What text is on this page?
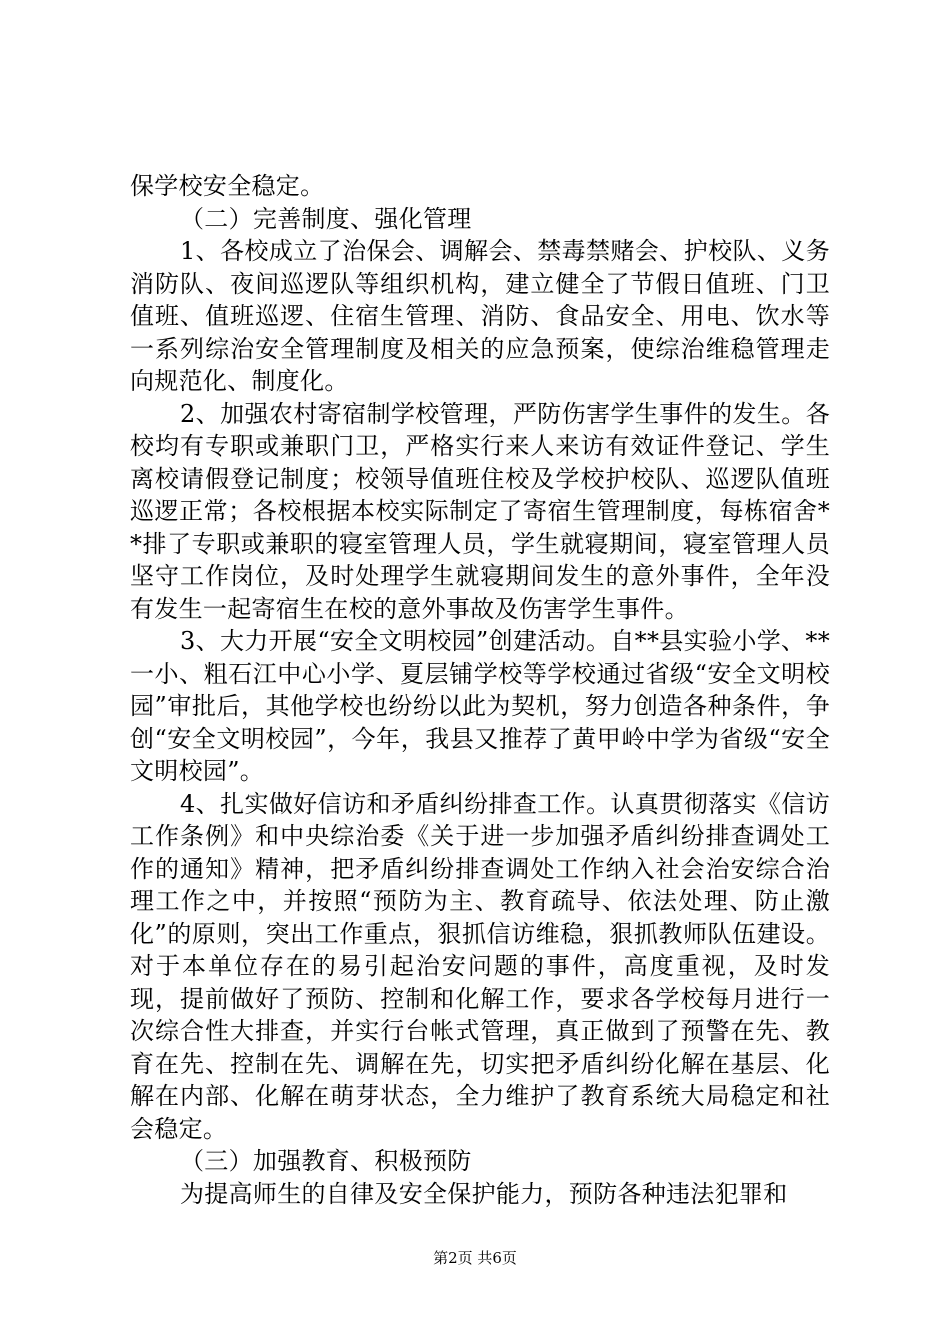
保学校安全稳定。

（二）完善制度、强化管理

1、各校成立了治保会、调解会、禁毒禁赌会、护校队、义务消防队、夜间巡逻队等组织机构，建立健全了节假日值班、门卫值班、值班巡逻、住宿生管理、消防、食品安全、用电、饮水等一系列综治安全管理制度及相关的应急预案，使综治维稳管理走向规范化、制度化。

2、加强农村寄宿制学校管理，严防伤害学生事件的发生。各校均有专职或兼职门卫，严格实行来人来访有效证件登记、学生离校请假登记制度；校领导值班住校及学校护校队、巡逻队值班巡逻正常；各校根据本校实际制定了寄宿生管理制度，每栋宿舍**排了专职或兼职的寝室管理人员，学生就寝期间，寝室管理人员坚守工作岗位，及时处理学生就寝期间发生的意外事件，全年没有发生一起寄宿生在校的意外事故及伤害学生事件。

3、大力开展“安全文明校园”创建活动。自**县实验小学、**一小、粗石江中心小学、夏层铺学校等学校通过省级“安全文明校园”审批后，其他学校也纷纷以此为契机，努力创造各种条件，争创“安全文明校园”，今年，我县又推荐了黄甲岭中学为省级“安全文明校园”。

4、扎实做好信访和矛盾纠纷排查工作。认真贯彻落实《信访工作条例》和中央综治委《关于进一步加强矛盾纠纷排查调处工作的通知》精神，把矛盾纠纷排查调处工作纳入社会治安综合治理工作之中，并按照“预防为主、教育疏导、依法处理、防止激化”的原则，突出工作重点，狠抓信访维稳，狠抓教师队伍建设。对于本单位存在的易引起治安问题的事件，高度重视，及时发现，提前做好了预防、控制和化解工作，要求各学校每月进行一次综合性大排查，并实行台帐式管理，真正做到了预警在先、教育在先、控制在先、调解在先，切实把矛盾纠纷化解在基层、化解在内部、化解在萌芽状态，全力维护了教育系统大局稳定和社会稳定。

（三）加强教育、积极预防

为提高师生的自律及安全保护能力，预防各种违法犯罪和

第2页 共6页
